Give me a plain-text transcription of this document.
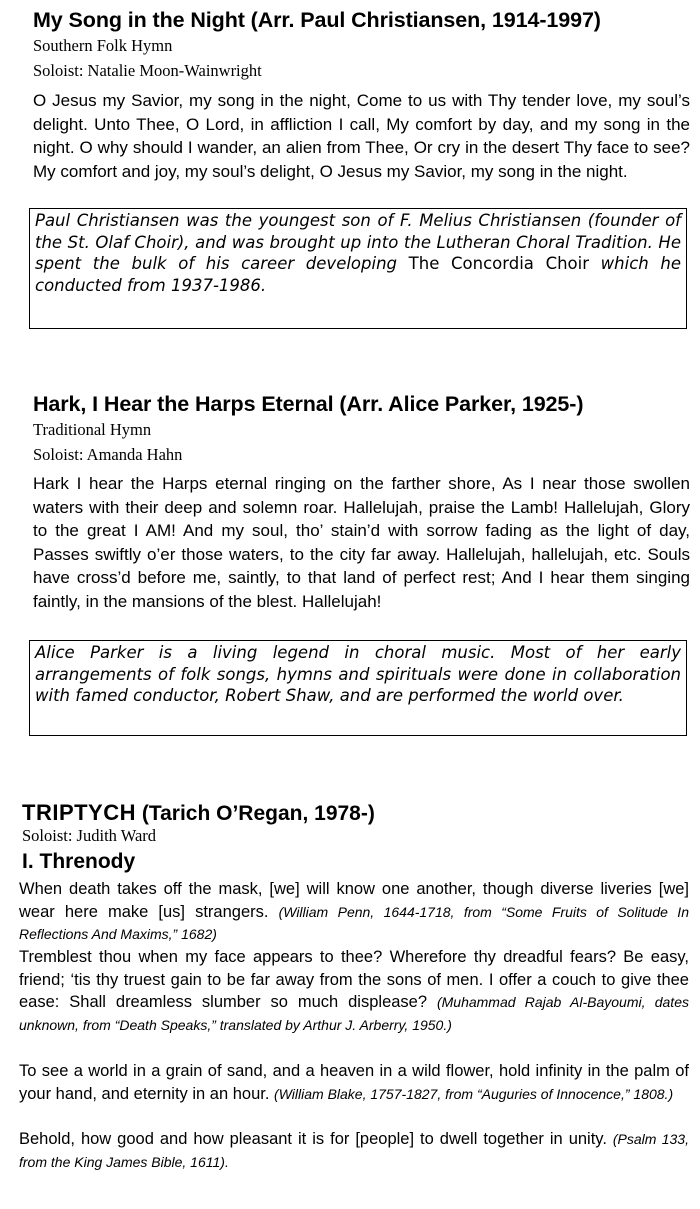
My Song in the Night (Arr. Paul Christiansen, 1914-1997)

Southern Folk Hymn

Soloist: Natalie Moon-Wainwright

O Jesus my Savior, my song in the night, Come to us with Thy tender love, my soul’s delight. Unto Thee, O Lord, in affliction I call, My comfort by day, and my song in the night. O why should I wander, an alien from Thee, Or cry in the desert Thy face to see? My comfort and joy, my soul’s delight, O Jesus my Savior, my song in the night.

Paul Christiansen was the youngest son of F. Melius Christiansen (founder of the St. Olaf Choir), and was brought up into the Lutheran Choral Tradition. He spent the bulk of his career developing The Concordia Choir which he conducted from 1937-1986.
Hark, I Hear the Harps Eternal (Arr. Alice Parker, 1925-)

Traditional Hymn

Soloist: Amanda Hahn

Hark I hear the Harps eternal ringing on the farther shore, As I near those swollen waters with their deep and solemn roar. Hallelujah, praise the Lamb! Hallelujah, Glory to the great I AM! And my soul, tho’ stain’d with sorrow fading as the light of day, Passes swiftly o’er those waters, to the city far away. Hallelujah, hallelujah, etc. Souls have cross’d before me, saintly, to that land of perfect rest; And I hear them singing faintly, in the mansions of the blest. Hallelujah!

Alice Parker is a living legend in choral music. Most of her early arrangements of folk songs, hymns and spirituals were done in collaboration with famed conductor, Robert Shaw, and are performed the world over.
TRIPTYCH (Tarich O’Regan, 1978-)

Soloist: Judith Ward

I. Threnody

When death takes off the mask, [we] will know one another, though diverse liveries [we] wear here make [us] strangers. (William Penn, 1644-1718, from “Some Fruits of Solitude In Reflections And Maxims,” 1682)

Tremblest thou when my face appears to thee? Wherefore thy dreadful fears? Be easy, friend; ‘tis thy truest gain to be far away from the sons of men. I offer a couch to give thee ease: Shall dreamless slumber so much displease? (Muhammad Rajab Al-Bayoumi, dates unknown, from “Death Speaks,” translated by Arthur J. Arberry, 1950.)

To see a world in a grain of sand, and a heaven in a wild flower, hold infinity in the palm of your hand, and eternity in an hour. (William Blake, 1757-1827, from “Auguries of Innocence,” 1808.)

Behold, how good and how pleasant it is for [people] to dwell together in unity. (Psalm 133, from the King James Bible, 1611).
